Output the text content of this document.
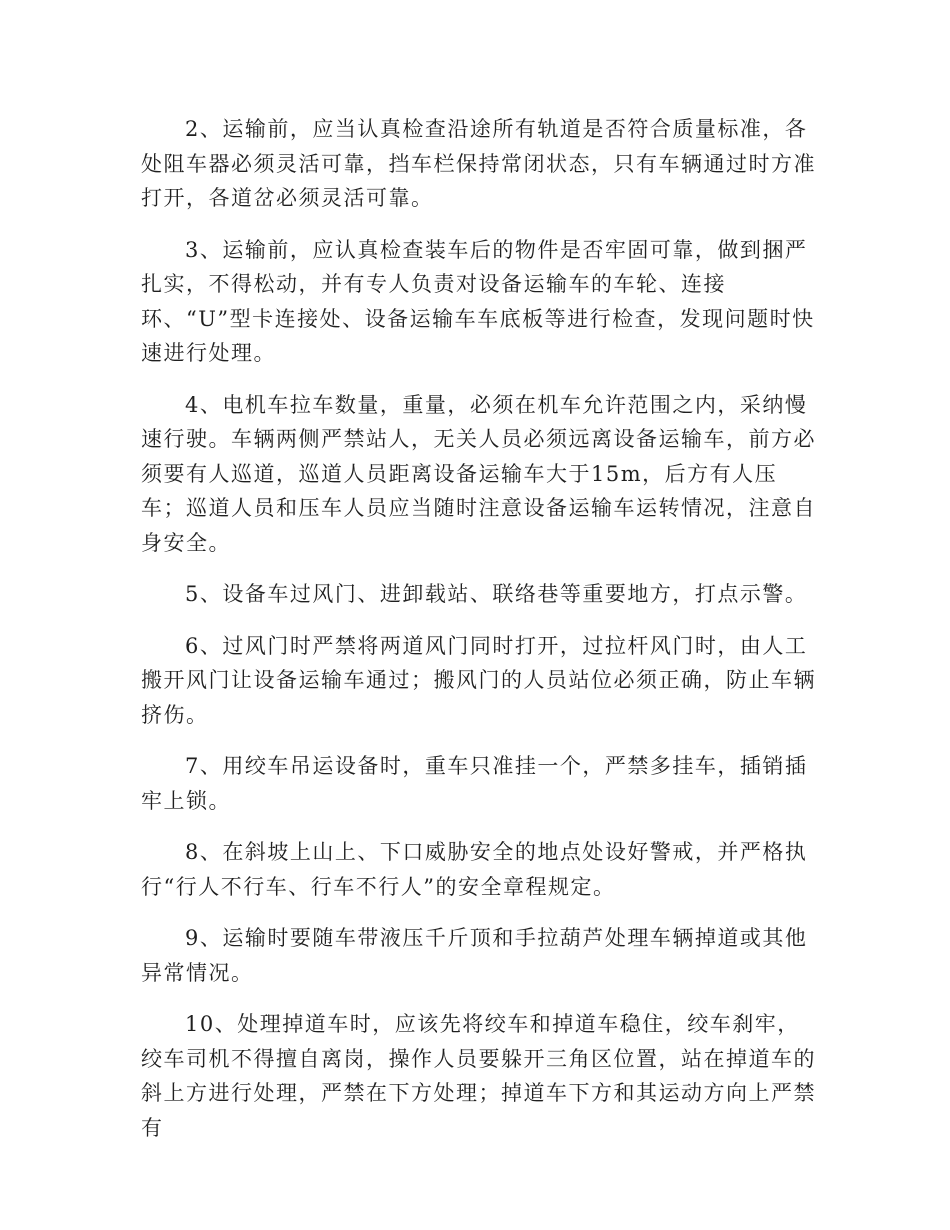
2、运输前，应当认真检查沿途所有轨道是否符合质量标准，各处阻车器必须灵活可靠，挡车栏保持常闭状态，只有车辆通过时方准打开，各道岔必须灵活可靠。

3、运输前，应认真检查装车后的物件是否牢固可靠，做到捆严扎实，不得松动，并有专人负责对设备运输车的车轮、连接环、“U”型卡连接处、设备运输车车底板等进行检查，发现问题时快速进行处理。

4、电机车拉车数量，重量，必须在机车允许范围之内，采纳慢速行驶。车辆两侧严禁站人，无关人员必须远离设备运输车，前方必须要有人巡道，巡道人员距离设备运输车大于15m，后方有人压车；巡道人员和压车人员应当随时注意设备运输车运转情况，注意自身安全。

5、设备车过风门、进卸载站、联络巷等重要地方，打点示警。

6、过风门时严禁将两道风门同时打开，过拉杆风门时，由人工搬开风门让设备运输车通过；搬风门的人员站位必须正确，防止车辆挤伤。

7、用绞车吊运设备时，重车只准挂一个，严禁多挂车，插销插牢上锁。

8、在斜坡上山上、下口威胁安全的地点处设好警戒，并严格执行“行人不行车、行车不行人”的安全章程规定。

9、运输时要随车带液压千斤顶和手拉葫芦处理车辆掉道或其他异常情况。

10、处理掉道车时，应该先将绞车和掉道车稳住，绞车刹牢，绞车司机不得擅自离岗，操作人员要躲开三角区位置，站在掉道车的斜上方进行处理，严禁在下方处理；掉道车下方和其运动方向上严禁有
